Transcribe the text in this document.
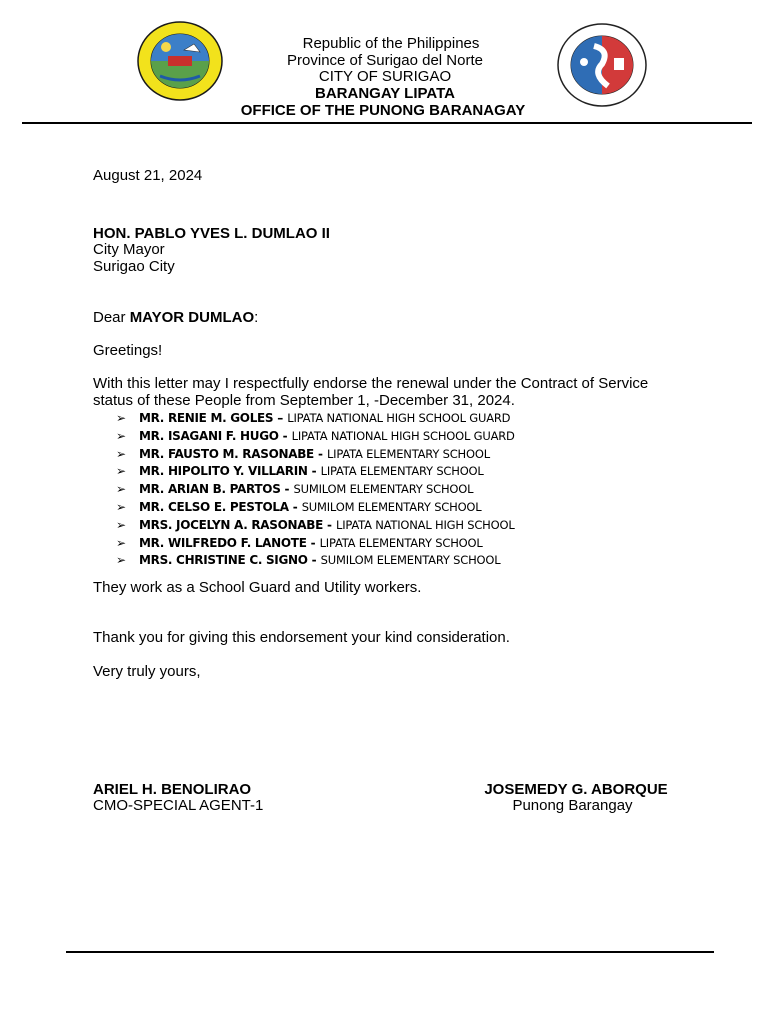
Republic of the Philippines
Province of Surigao del Norte
CITY OF SURIGAO
BARANGAY LIPATA
OFFICE OF THE PUNONG BARANAGAY
August 21, 2024
HON. PABLO YVES L. DUMLAO II
City Mayor
Surigao City
Dear MAYOR DUMLAO:
Greetings!
With this letter may I respectfully endorse the renewal under the Contract of Service status of these People from September 1, -December 31, 2024.
➢	MR. RENIE M. GOLES – LIPATA NATIONAL HIGH SCHOOL GUARD
➢	MR. ISAGANI F. HUGO - LIPATA NATIONAL HIGH SCHOOL GUARD
➢	MR. FAUSTO M. RASONABE - LIPATA ELEMENTARY SCHOOL
➢	MR. HIPOLITO Y. VILLARIN - LIPATA ELEMENTARY SCHOOL
➢	MR. ARIAN B. PARTOS - SUMILOM ELEMENTARY SCHOOL
➢	MR. CELSO E. PESTOLA - SUMILOM ELEMENTARY SCHOOL
➢	MRS. JOCELYN A. RASONABE - LIPATA NATIONAL HIGH SCHOOL
➢	MR. WILFREDO F. LANOTE - LIPATA ELEMENTARY SCHOOL
➢	MRS. CHRISTINE C. SIGNO - SUMILOM ELEMENTARY SCHOOL
They work as a School Guard and Utility workers.
Thank you for giving this endorsement your kind consideration.
Very truly yours,
ARIEL H. BENOLIRAO
CMO-SPECIAL AGENT-1
JOSEMEDY G. ABORQUE
Punong Barangay
